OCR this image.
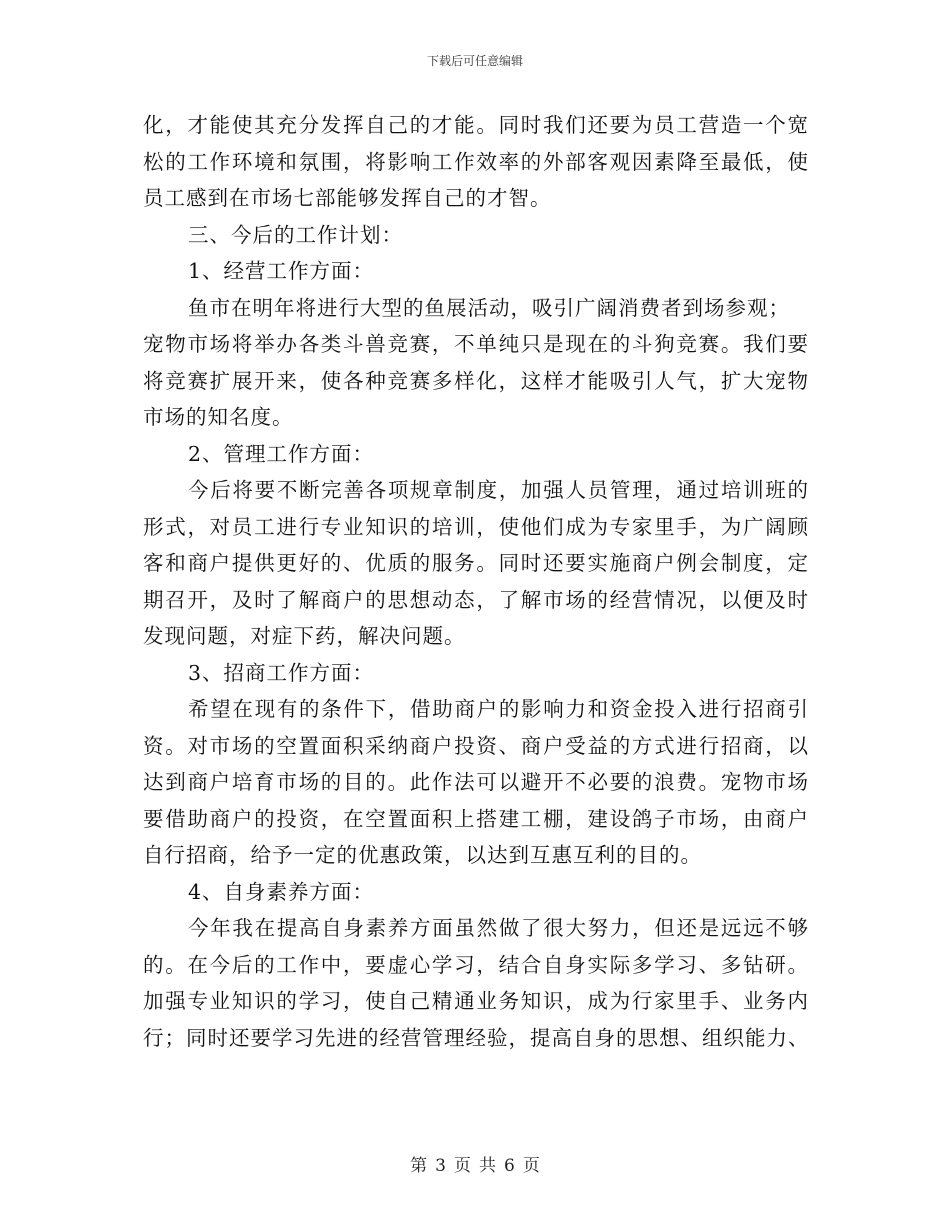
下载后可任意编辑
化，才能使其充分发挥自己的才能。同时我们还要为员工营造一个宽
松的工作环境和氛围，将影响工作效率的外部客观因素降至最低，使
员工感到在市场七部能够发挥自己的才智。
三、今后的工作计划：
1、经营工作方面：
鱼市在明年将进行大型的鱼展活动，吸引广阔消费者到场参观；
宠物市场将举办各类斗兽竞赛，不单纯只是现在的斗狗竞赛。我们要
将竞赛扩展开来，使各种竞赛多样化，这样才能吸引人气，扩大宠物
市场的知名度。
2、管理工作方面：
今后将要不断完善各项规章制度，加强人员管理，通过培训班的
形式，对员工进行专业知识的培训，使他们成为专家里手，为广阔顾
客和商户提供更好的、优质的服务。同时还要实施商户例会制度，定
期召开，及时了解商户的思想动态，了解市场的经营情况，以便及时
发现问题，对症下药，解决问题。
3、招商工作方面：
希望在现有的条件下，借助商户的影响力和资金投入进行招商引
资。对市场的空置面积采纳商户投资、商户受益的方式进行招商，以
达到商户培育市场的目的。此作法可以避开不必要的浪费。宠物市场
要借助商户的投资，在空置面积上搭建工棚，建设鸽子市场，由商户
自行招商，给予一定的优惠政策，以达到互惠互利的目的。
4、自身素养方面：
今年我在提高自身素养方面虽然做了很大努力，但还是远远不够
的。在今后的工作中，要虚心学习，结合自身实际多学习、多钻研。
加强专业知识的学习，使自己精通业务知识，成为行家里手、业务内
行；同时还要学习先进的经营管理经验，提高自身的思想、组织能力、
第 3 页 共 6 页
